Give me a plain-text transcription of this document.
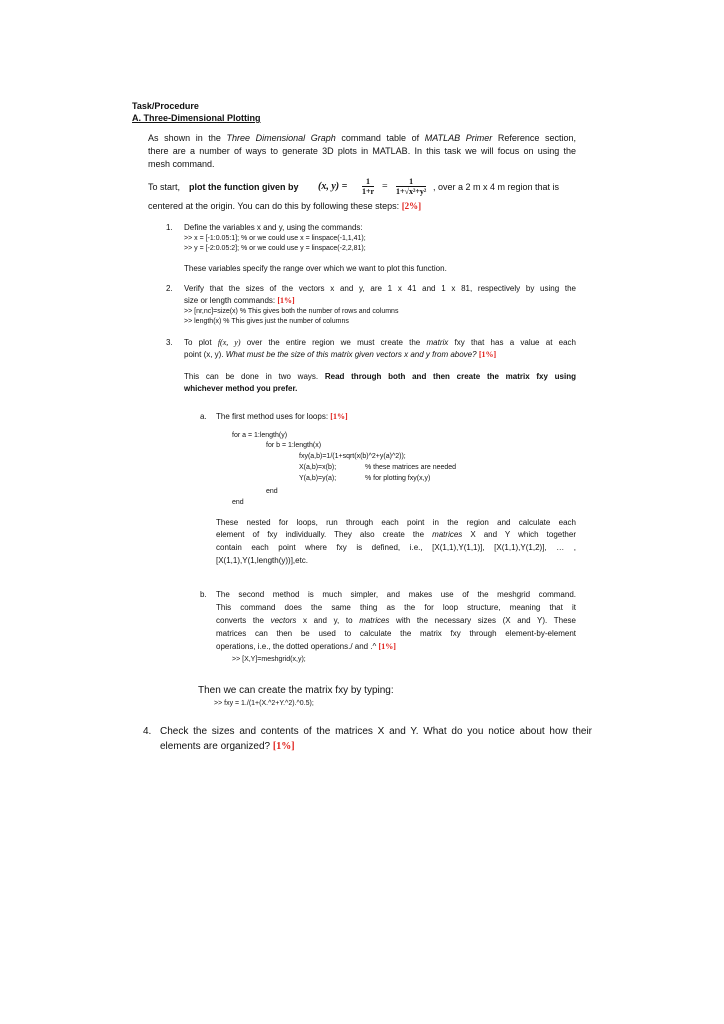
Task/Procedure
A. Three-Dimensional Plotting
As shown in the Three Dimensional Graph command table of MATLAB Primer Reference section,
there are a number of ways to generate 3D plots in MATLAB. In this task we will focus on using the
mesh command.
To start, plot the function given by (x, $y) = \frac{1}{1+r} = \frac{1}{\text{1+√x²+y²}}$ , over a 2 m x 4 m region that is
centered at the origin. You can do this by following these steps: [2%]
1. Define the variables x and y, using the commands:
>> x = [-1:0.05:1]; % or we could use x = linspace(-1,1,41);
>> y = [-2:0.05:2]; % or we could use y = linspace(-2,2,81);
These variables specify the range over which we want to plot this function.
2. Verify that the sizes of the vectors x and y, are 1 x 41 and 1 x 81, respectively by using the
size or length commands: [1%]
>> [nr,nc]=size(x) % This gives both the number of rows and columns
>> length(x) % This gives just the number of columns
3. To plot f(x, y) over the entire region we must create the matrix fxy that has a value at each
point (x, y). What must be the size of this matrix given vectors x and y from above? [1%]
This can be done in two ways. Read through both and then create the matrix fxy using
whichever method you prefer.
a. The first method uses for loops: [1%]
for a = 1:length(y)
for b = 1:length(x)
fxy(a,b)=1/(1+sqrt(x(b)^2+y(a)^2));
X(a,b)=x(b);	% these matrices are needed
Y(a,b)=y(a);	% for plotting fxy(x,y)
end
end
These nested for loops, run through each point in the region and calculate each
element of fxy individually. They also create the matrices X and Y which together
contain each point where fxy is defined, i.e., [X(1,1),Y(1,1)], [X(1,1),Y(1,2)], … ,
[X(1,1),Y(1,length(y))],etc.
b. The second method is much simpler, and makes use of the meshgrid command.
This command does the same thing as the for loop structure, meaning that it
converts the vectors x and y, to matrices with the necessary sizes (X and Y). These
matrices can then be used to calculate the matrix fxy through element-by-element
operations, i.e., the dotted operations./ and .^ [1%]
>> [X,Y]=meshgrid(x,y);
Then we can create the matrix fxy by typing:
>> fxy = 1./(1+(X.^2+Y.^2).^0.5);
4. Check the sizes and contents of the matrices X and Y. What do you notice about how their
elements are organized? [1%]
